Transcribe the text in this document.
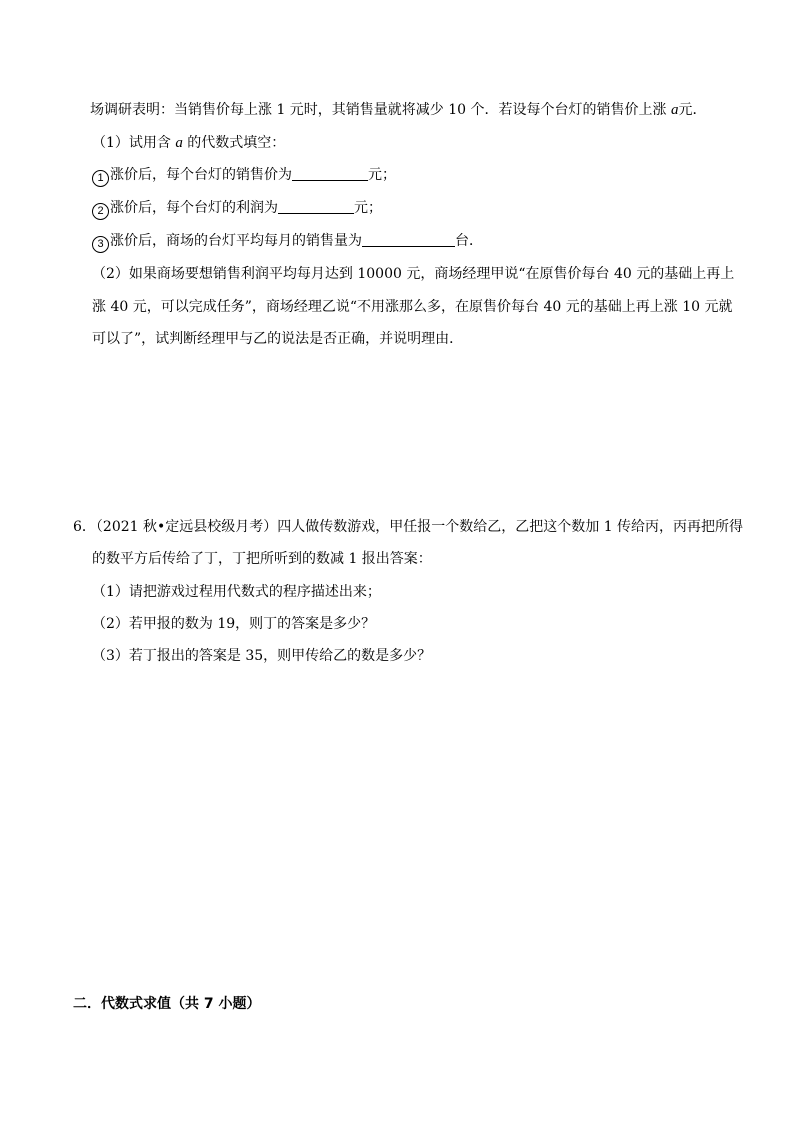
场调研表明：当销售价每上涨 1 元时，其销售量就将减少 10 个．若设每个台灯的销售价上涨 a元．
（1）试用含 a 的代数式填空：
1 涨价后，每个台灯的销售价为	元；
2 涨价后，每个台灯的利润为	元；
3 涨价后，商场的台灯平均每月的销售量为	台．
（2）如果商场要想销售利润平均每月达到 10000 元，商场经理甲说“在原售价每台 40 元的基础上再上
涨 40 元，可以完成任务”，商场经理乙说“不用涨那么多，在原售价每台 40 元的基础上再上涨 10 元就
可以了”，试判断经理甲与乙的说法是否正确，并说明理由．
6．（2021 秋•定远县校级月考）四人做传数游戏，甲任报一个数给乙，乙把这个数加 1 传给丙，丙再把所得
的数平方后传给了丁，丁把所听到的数减 1 报出答案：
（1）请把游戏过程用代数式的程序描述出来；
（2）若甲报的数为 19，则丁的答案是多少？
（3）若丁报出的答案是 35，则甲传给乙的数是多少？
二．代数式求值（共 7 小题）
